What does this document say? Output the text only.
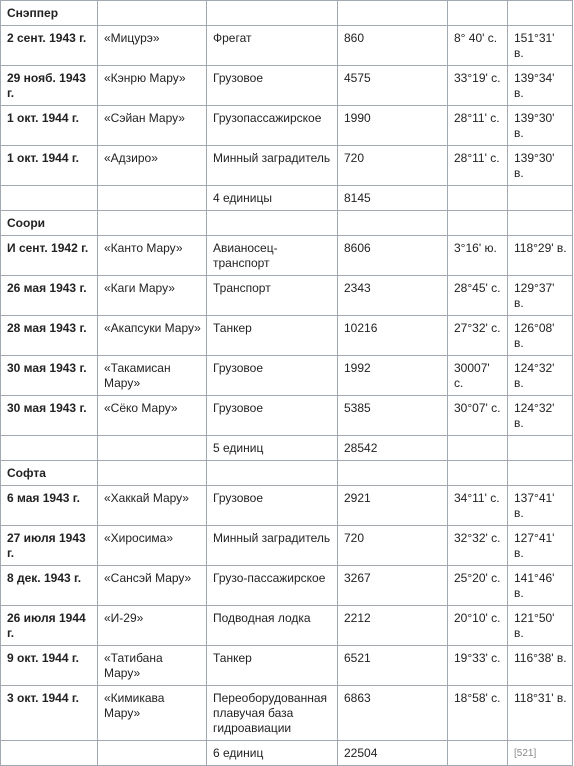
Снэппер					
2 сент. 1943 г.	«Мицурэ»	Фрегат	860	8° 40' с.	151°31' в.
29 нояб. 1943 г.	«Кэнрю Мару»	Грузовое	4575	33°19' с.	139°34' в.
1 окт. 1944 г.	«Сэйан Мару»	Грузопассажирское	1990	28°11' с.	139°30' в.
1 окт. 1944 г.	«Адзиро»	Минный заградитель	720	28°11' с.	139°30' в.
		4 единицы	8145		
Соори					
И сент. 1942 г.	«Канто Мару»	Авианосец-транспорт	8606	3°16' ю.	118°29' в.
26 мая 1943 г.	«Каги Мару»	Транспорт	2343	28°45' с.	129°37' в.
28 мая 1943 г.	«Акапсуки Мару»	Танкер	10216	27°32' с.	126°08' в.
30 мая 1943 г.	«Такамисан Мару»	Грузовое	1992	30007' с.	124°32' в.
30 мая 1943 г.	«Сёко Мару»	Грузовое	5385	30°07' с.	124°32' в.
		5 единиц	28542		
Софта					
6 мая 1943 г.	«Хаккай Мару»	Грузовое	2921	34°11' с.	137°41' в.
27 июля 1943 г.	«Хиросима»	Минный заградитель	720	32°32' с.	127°41' в.
8 дек. 1943 г.	«Сансэй Мару»	Грузо-пассажирское	3267	25°20' с.	141°46' в.
26 июля 1944 г.	«И-29»	Подводная лодка	2212	20°10' с.	121°50' в.
9 окт. 1944 г.	«Татибана Мару»	Танкер	6521	19°33' с.	116°38' в.
3 окт. 1944 г.	«Кимикава Мару»	Переоборудованная плавучая база гидроавиации	6863	18°58' с.	118°31' в.
		6 единиц	22504		[521]
